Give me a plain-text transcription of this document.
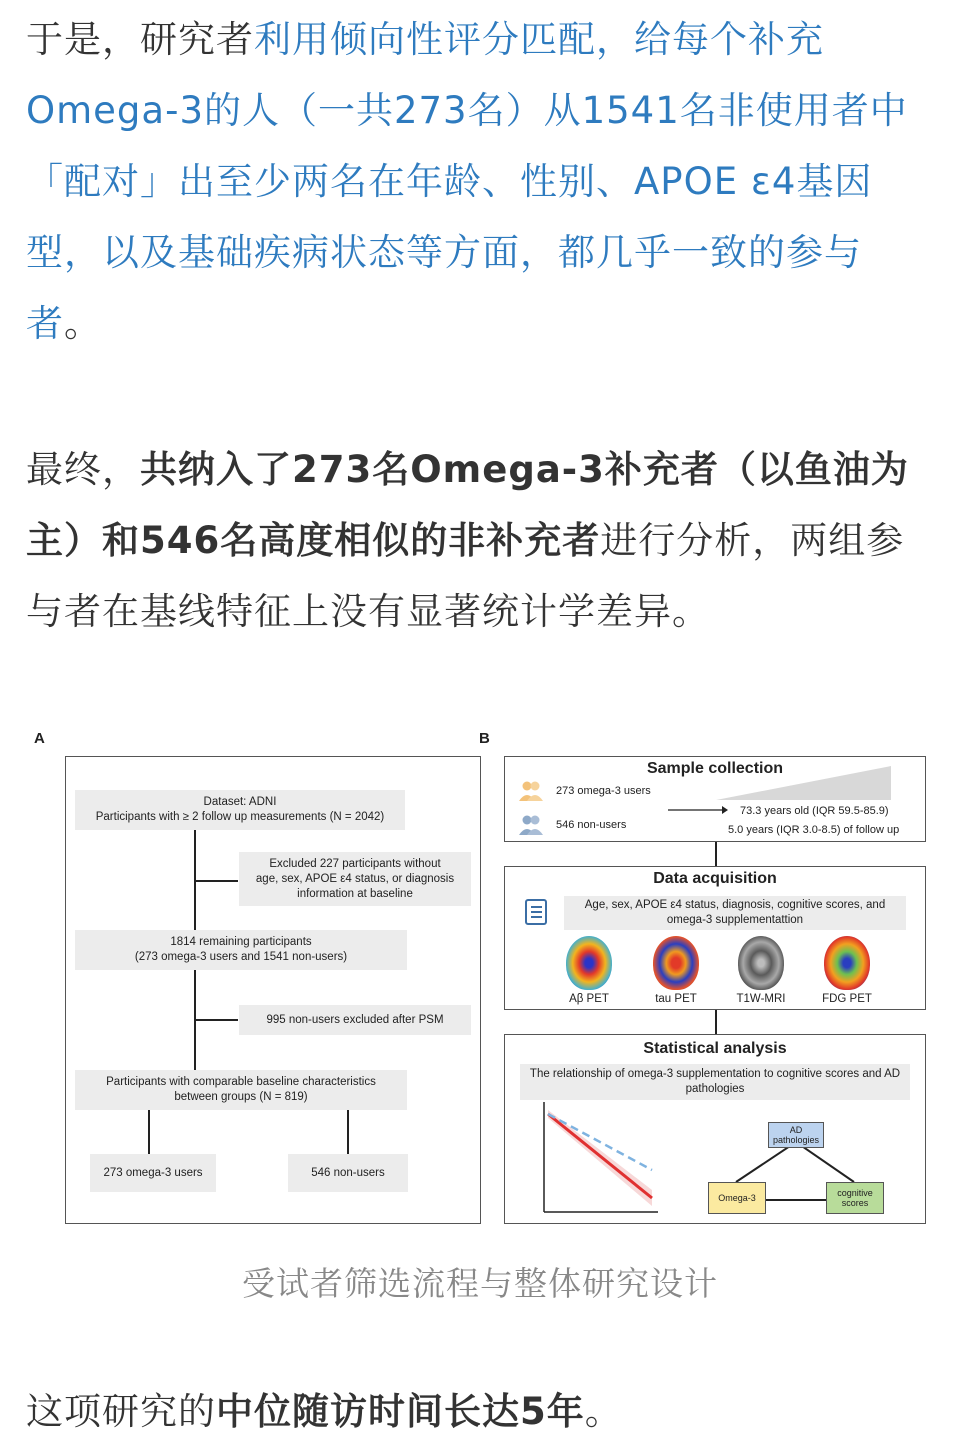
于是，研究者利用倾向性评分匹配，给每个补充Omega-3的人（一共273名）从1541名非使用者中「配对」出至少两名在年龄、性别、APOE ε4基因型，以及基础疾病状态等方面，都几乎一致的参与者。

最终，共纳入了273名Omega-3补充者（以鱼油为主）和546名高度相似的非补充者进行分析，两组参与者在基线特征上没有显著统计学差异。

A
Dataset: ADNI
Participants with ≥ 2 follow up measurements (N = 2042)
Excluded 227 participants without
age, sex, APOE ε4 status, or diagnosis
information at baseline
1814 remaining participants
(273 omega-3 users and 1541 non-users)
995 non-users excluded after PSM
Participants with comparable baseline characteristics
between groups (N = 819)
273 omega-3 users	546 non-users
B
Sample collection
273 omega-3 users
546 non-users
73.3 years old (IQR 59.5-85.9)
5.0 years (IQR 3.0-8.5) of follow up
Data acquisition
Age, sex, APOE ε4 status, diagnosis, cognitive scores, and omega-3 supplementattion
Aβ PET	tau PET	T1W-MRI	FDG PET
Statistical analysis
The relationship of omega-3 supplementation to cognitive scores and AD pathologies
AD pathologies
Omega-3	cognitive scores
受试者筛选流程与整体研究设计

这项研究的中位随访时间长达5年。
